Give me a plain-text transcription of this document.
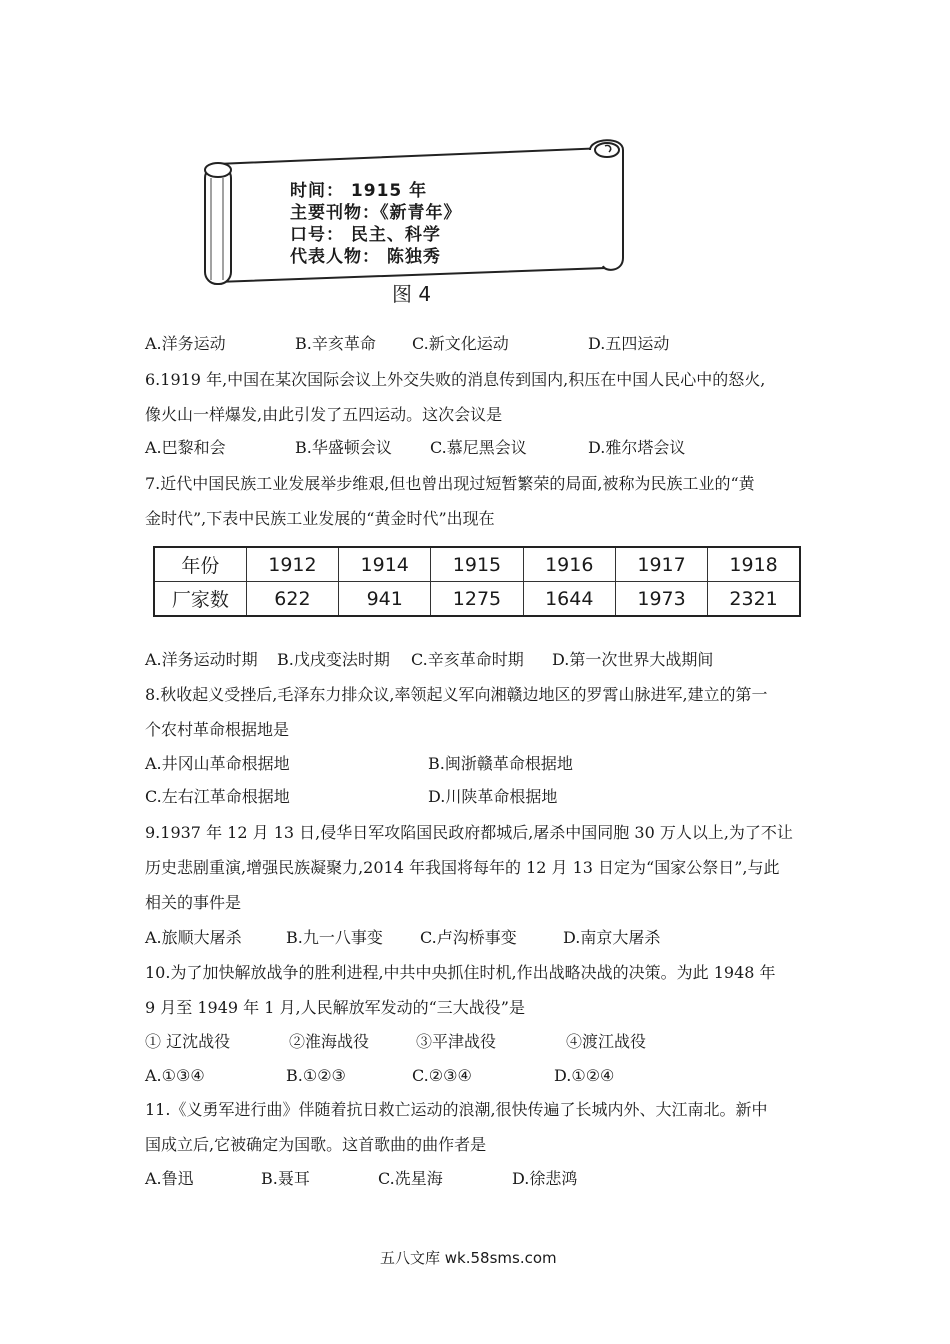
时间： 1915 年
主要刊物：《新青年》
口号： 民主、科学
代表人物： 陈独秀
图 4
A.洋务运动	B.辛亥革命 C.新文化运动	D.五四运动
6.1919 年,中国在某次国际会议上外交失败的消息传到国内,积压在中国人民心中的怒火,
像火山一样爆发,由此引发了五四运动。这次会议是
A.巴黎和会	B.华盛顿会议 C.慕尼黑会议	D.雅尔塔会议
7.近代中国民族工业发展举步维艰,但也曾出现过短暂繁荣的局面,被称为民族工业的“黄
金时代”,下表中民族工业发展的“黄金时代”出现在
年份	1912	1914	1915	1916	1917	1918
厂家数	622	941	1275	1644	1973	2321
A.洋务运动时期 B.戊戌变法时期 C.辛亥革命时期 D.第一次世界大战期间
8.秋收起义受挫后,毛泽东力排众议,率领起义军向湘赣边地区的罗霄山脉进军,建立的第一
个农村革命根据地是
A.井冈山革命根据地	B.闽浙赣革命根据地
C.左右江革命根据地	D.川陕革命根据地
9.1937 年 12 月 13 日,侵华日军攻陷国民政府都城后,屠杀中国同胞 30 万人以上,为了不让
历史悲剧重演,增强民族凝聚力,2014 年我国将每年的 12 月 13 日定为“国家公祭日”,与此
相关的事件是
A.旅顺大屠杀	B.九一八事变 C.卢沟桥事变	D.南京大屠杀
10.为了加快解放战争的胜利进程,中共中央抓住时机,作出战略决战的决策。为此 1948 年
9 月至 1949 年 1 月,人民解放军发动的“三大战役”是
① 辽沈战役	②淮海战役	③平津战役	④渡江战役
A.①③④	B.①②③	C.②③④	D.①②④
11.《义勇军进行曲》伴随着抗日救亡运动的浪潮,很快传遍了长城内外、大江南北。新中
国成立后,它被确定为国歌。这首歌曲的曲作者是
A.鲁迅	B.聂耳	C.冼星海	D.徐悲鸿
五八文库 wk.58sms.com
